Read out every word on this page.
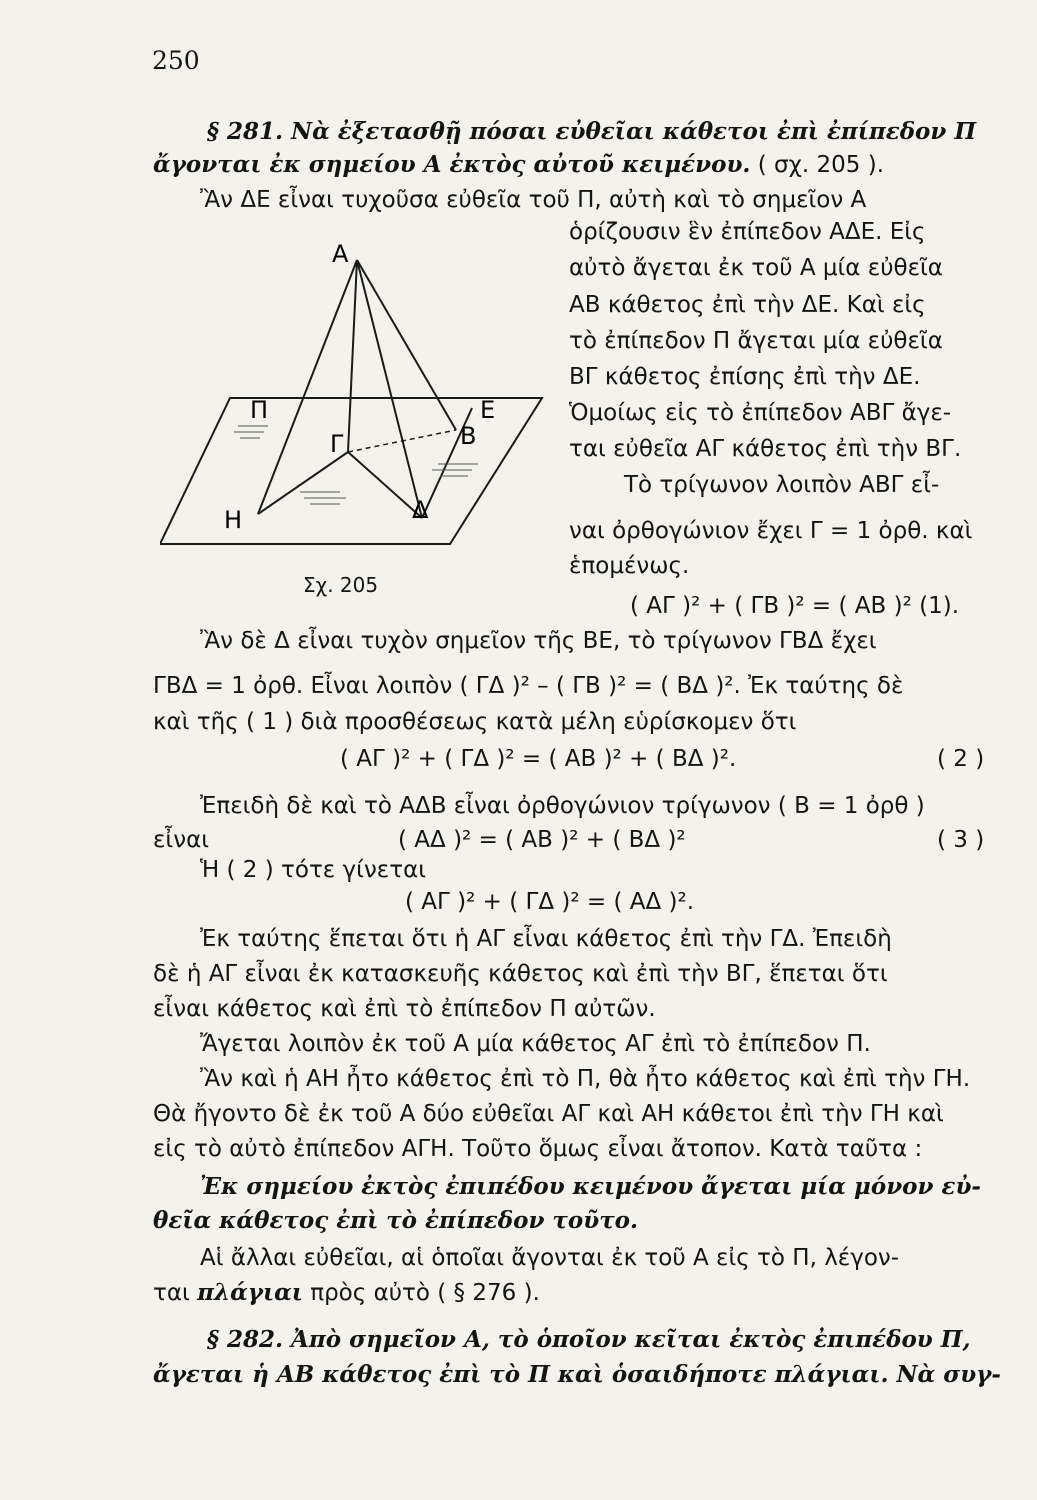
250
§ 281. Νὰ ἐξετασθῇ πόσαι εὐθεῖαι κάθετοι ἐπὶ ἐπίπεδον Π
ἄγονται ἐκ σημείου Α ἐκτὸς αὐτοῦ κειμένου. ( σχ. 205 ).
Ἂν ΔΕ εἶναι τυχοῦσα εὐθεῖα τοῦ Π, αὐτὴ καὶ τὸ σημεῖον Α
ὁρίζουσιν ἓν ἐπίπεδον ΑΔΕ. Εἰς
αὐτὸ ἄγεται ἐκ τοῦ Α μία εὐθεῖα
ΑΒ κάθετος ἐπὶ τὴν ΔΕ. Καὶ εἰς
τὸ ἐπίπεδον Π ἄγεται μία εὐθεῖα
ΒΓ κάθετος ἐπίσης ἐπὶ τὴν ΔΕ.
Ὁμοίως εἰς τὸ ἐπίπεδον ΑΒΓ ἄγε-
ται εὐθεῖα ΑΓ κάθετος ἐπὶ τὴν ΒΓ.
Τὸ τρίγωνον λοιπὸν ΑΒΓ εἶ-
ναι ὀρθογώνιον ἔχει Γ = 1 ὀρθ. καὶ
ἑπομένως.
( ΑΓ )² + ( ΓΒ )² = ( ΑΒ )² (1).
Α
Π	Ε
Β
Γ
Η	Δ
Σχ. 205
Ἂν δὲ Δ εἶναι τυχὸν σημεῖον τῆς ΒΕ, τὸ τρίγωνον ΓΒΔ ἔχει
ΓΒΔ = 1 ὀρθ. Εἶναι λοιπὸν ( ΓΔ )² – ( ΓΒ )² = ( ΒΔ )². Ἐκ ταύτης δὲ
καὶ τῆς ( 1 ) διὰ προσθέσεως κατὰ μέλη εὑρίσκομεν ὅτι
( ΑΓ )² + ( ΓΔ )² = ( ΑΒ )² + ( ΒΔ )².	( 2 )
Ἐπειδὴ δὲ καὶ τὸ ΑΔΒ εἶναι ὀρθογώνιον τρίγωνον ( Β = 1 ὀρθ )
εἶναι	( ΑΔ )² = ( ΑΒ )² + ( ΒΔ )²	( 3 )
Ἡ ( 2 ) τότε γίνεται
( ΑΓ )² + ( ΓΔ )² = ( ΑΔ )².
Ἐκ ταύτης ἕπεται ὅτι ἡ ΑΓ εἶναι κάθετος ἐπὶ τὴν ΓΔ. Ἐπειδὴ
δὲ ἡ ΑΓ εἶναι ἐκ κατασκευῆς κάθετος καὶ ἐπὶ τὴν ΒΓ, ἕπεται ὅτι
εἶναι κάθετος καὶ ἐπὶ τὸ ἐπίπεδον Π αὐτῶν.
Ἄγεται λοιπὸν ἐκ τοῦ Α μία κάθετος ΑΓ ἐπὶ τὸ ἐπίπεδον Π.
Ἂν καὶ ἡ ΑΗ ἦτο κάθετος ἐπὶ τὸ Π, θὰ ἦτο κάθετος καὶ ἐπὶ τὴν ΓΗ.
Θὰ ἤγοντο δὲ ἐκ τοῦ Α δύο εὐθεῖαι ΑΓ καὶ ΑΗ κάθετοι ἐπὶ τὴν ΓΗ καὶ
εἰς τὸ αὐτὸ ἐπίπεδον ΑΓΗ. Τοῦτο ὅμως εἶναι ἄτοπον. Κατὰ ταῦτα :
Ἐκ σημείου ἐκτὸς ἐπιπέδου κειμένου ἄγεται μία μόνον εὐ-
θεῖα κάθετος ἐπὶ τὸ ἐπίπεδον τοῦτο.
Αἱ ἄλλαι εὐθεῖαι, αἱ ὁποῖαι ἄγονται ἐκ τοῦ Α εἰς τὸ Π, λέγον-
ται πλάγιαι πρὸς αὐτὸ ( § 276 ).
§ 282. Ἀπὸ σημεῖον Α, τὸ ὁποῖον κεῖται ἐκτὸς ἐπιπέδου Π,
ἄγεται ἡ ΑΒ κάθετος ἐπὶ τὸ Π καὶ ὁσαιδήποτε πλάγιαι. Νὰ συγ-
